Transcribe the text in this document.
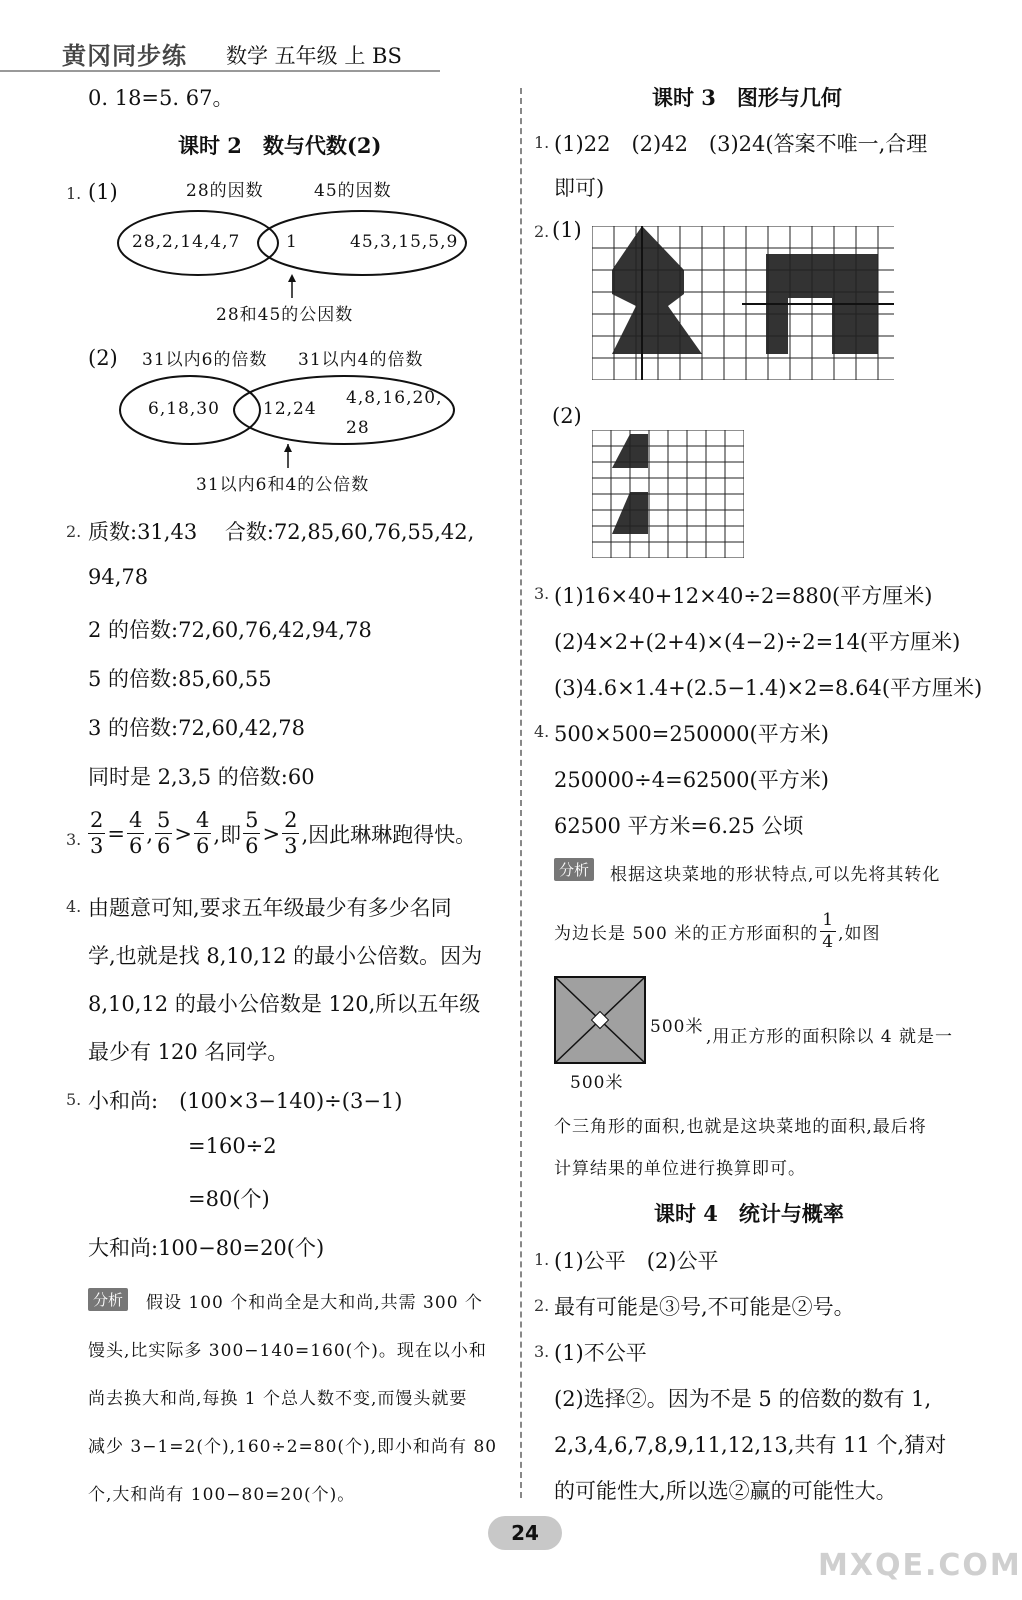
黄冈同步练 数学 五年级 上 BS
0. 18=5. 67。
课时 2　数与代数(2)
1. (1)	28的因数	45的因数
28,2,14,4,7	1	45,3,15,5,9
28和45的公因数
(2) 31以内6的倍数 31以内4的倍数
6,18,30	12,24
4,8,16,20,
28
31以内6和4的公倍数
2. 质数:31,43　 合数:72,85,60,76,55,42,
94,78
2 的倍数:72,60,76,42,94,78
5 的倍数:85,60,55
3 的倍数:72,60,42,78
同时是 2,3,5 的倍数:60
3. $\frac{2}{3} = \frac{4}{6}$ , $\frac{5}{6} > \frac{4}{6}$ ,即 $\frac{5}{6} > \frac{2}{3}$ ,因此琳琳跑得快。
4. 由题意可知,要求五年级最少有多少名同
学,也就是找 8,10,12 的最小公倍数。因为
8,10,12 的最小公倍数是 120,所以五年级
最少有 120 名同学。
5. 小和尚:　(100×3−140)÷(3−1)
=160÷2
=80(个)
大和尚:100−80=20(个)
分析 假设 100 个和尚全是大和尚,共需 300 个
馒头,比实际多 300−140=160(个)。现在以小和
尚去换大和尚,每换 1 个总人数不变,而馒头就要
减少 3−1=2(个),160÷2=80(个),即小和尚有 80
个,大和尚有 100−80=20(个)。
课时 3　图形与几何
1. (1)22　(2)42　(3)24(答案不唯一,合理
即可)
2. (1)
(2)
3. (1)16×40+12×40÷2=880(平方厘米)
(2)4×2+(2+4)×(4−2)÷2=14(平方厘米)
(3)4.6×1.4+(2.5−1.4)×2=8.64(平方厘米)
4. 500×500=250000(平方米)
250000÷4=62500(平方米)
62500 平方米=6.25 公顷
分析 根据这块菜地的形状特点,可以先将其转化
为边长是 500 米的正方形面积的 $\frac{1}{4}$ ,如图
500米
500米
,用正方形的面积除以 4 就是一
个三角形的面积,也就是这块菜地的面积,最后将
计算结果的单位进行换算即可。
课时 4　统计与概率
1. (1)公平　(2)公平
2. 最有可能是③号,不可能是②号。
3. (1)不公平
(2)选择②。因为不是 5 的倍数的数有 1,
2,3,4,6,7,8,9,11,12,13,共有 11 个,猜对
的可能性大,所以选②赢的可能性大。
24
MXQE.COM
